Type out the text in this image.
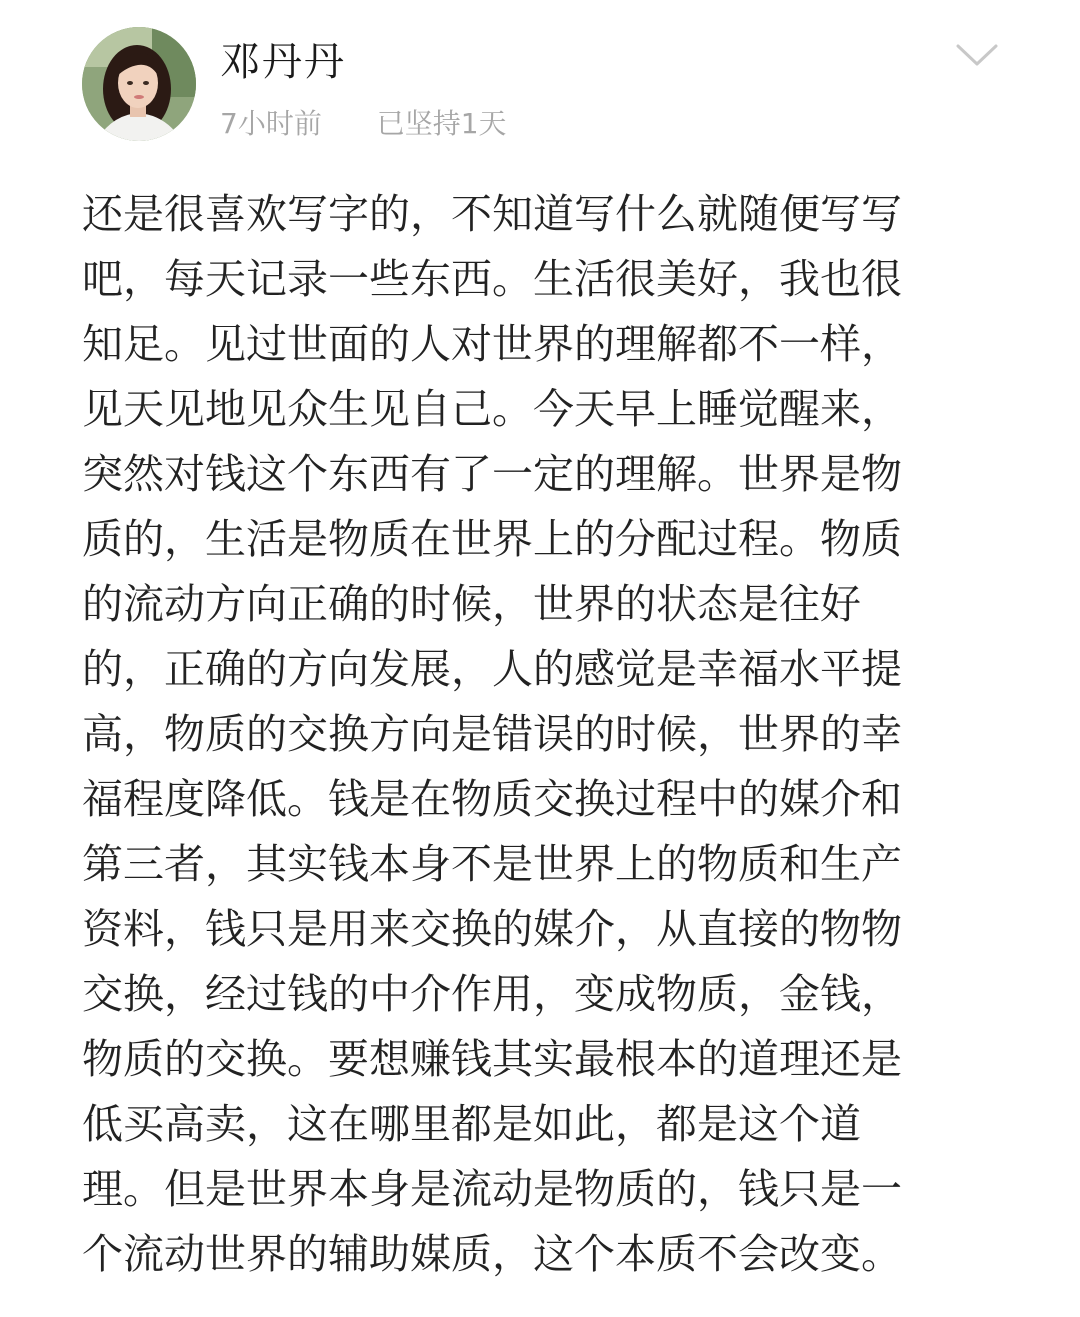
邓丹丹
7小时前 已坚持1天
还是很喜欢写字的，不知道写什么就随便写写
吧，每天记录一些东西。生活很美好，我也很
知足。见过世面的人对世界的理解都不一样，
见天见地见众生见自己。今天早上睡觉醒来，
突然对钱这个东西有了一定的理解。世界是物
质的，生活是物质在世界上的分配过程。物质
的流动方向正确的时候，世界的状态是往好
的，正确的方向发展，人的感觉是幸福水平提
高，物质的交换方向是错误的时候，世界的幸
福程度降低。钱是在物质交换过程中的媒介和
第三者，其实钱本身不是世界上的物质和生产
资料，钱只是用来交换的媒介，从直接的物物
交换，经过钱的中介作用，变成物质，金钱，
物质的交换。要想赚钱其实最根本的道理还是
低买高卖，这在哪里都是如此，都是这个道
理。但是世界本身是流动是物质的，钱只是一
个流动世界的辅助媒质，这个本质不会改变。
